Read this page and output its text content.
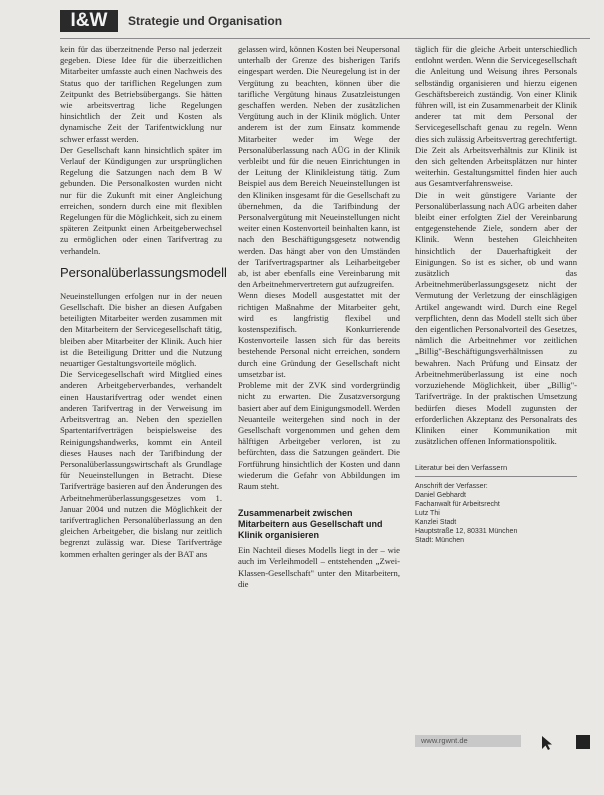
I&W	Strategie und Organisation

kein für das überzeitnende Perso nal jederzeit gegeben. Diese Idee für die überzeitlichen Mitarbeiter umfasste auch einen Nachweis des Status quo der tariflichen Regelungen zum Zeitpunkt des Betriebsübergangs. Sie hätten wie arbeitsvertrag liche Regelungen hinsichtlich der Zeit und Kosten als dynamische Zeit der Tarifentwicklung nur schwer erfasst werden.

Der Gesellschaft kann hinsichtlich später im Verlauf der Kündigungen zur ursprünglichen Regelung die Satzungen nach dem B W gebunden. Die Personalkosten wurden nicht nur für die Zukunft mit einer Angleichung erreichen, sondern durch eine mit flexiblen Regelungen für die Möglichkeit, sich zu einem späteren Zeitpunkt einen Arbeitgeberwechsel zu ermöglichen oder einen Tarifvertrag zu verhandeln.

Personalüberlassungsmodell

Neueinstellungen erfolgen nur in der neuen Gesellschaft. Die bisher an diesen Aufgaben beteiligten Mitarbeiter werden zusammen mit den Mitarbeitern der Servicegesellschaft tätig, bleiben aber Mitarbeiter der Klinik. Auch hier ist die Beteiligung Dritter und die Nutzung neuartiger Gestaltungsvorteile möglich.

Die Servicegesellschaft wird Mitglied eines anderen Arbeitgeberverbandes, verhandelt einen Haustarifvertrag oder wendet einen anderen Tarifvertrag in der Verweisung im Arbeitsvertrag an. Neben den speziellen Spartentarifverträgen beispielsweise des Reinigungshandwerks, kommt ein Anteil dieses Hauses nach der Tarifbindung der Personalüberlassungswirtschaft als Grundlage für Neueinstellungen in Betracht. Diese Tarifverträge basieren auf den Änderungen des Arbeitnehmerüberlassungsgesetzes vom 1. Januar 2004 und nutzen die Möglichkeit der tarifvertraglichen Personalüberlassung an den gleichen Arbeitgeber, die bislang nur zeitlich begrenzt zulässig war. Diese Tarifverträge kommen erhalten geringer als der BAT ans

gelassen wird, können Kosten bei Neupersonal unterhalb der Grenze des bisherigen Tarifs eingespart werden. Die Neuregelung ist in der Vergütung zu beachten, können über die tarifliche Vergütung hinaus Zusatzleistungen geschaffen werden. Neben der zusätzlichen Vergütung auch in der Klinik möglich. Unter anderem ist der zum Einsatz kommende Mitarbeiter weder im Wege der Personalüberlassung nach AÜG in der Klinik verbleibt und für die neuen Einrichtungen in der Leitung der Klinikleistung tätig. Zum Beispiel aus dem Bereich Neueinstellungen ist den Kliniken insgesamt für die Gesellschaft zu übernehmen, da die Tarifbindung der Personalvergütung mit Neueinstellungen nicht weiter einen Kostenvorteil beinhalten kann, ist nach den Beschäftigungsgesetz notwendig werden. Das hängt aber von den Umständen der Tarifvertragspartner als Leiharbeitgeber ab, ist aber ebenfalls eine Vereinbarung mit den Arbeitnehmervertretern gut aufzugreifen.

Wenn dieses Modell ausgestattet mit der richtigen Maßnahme der Mitarbeiter geht, wird es langfristig flexibel und kostenspezifisch. Konkurrierende Kostenvorteile lassen sich für das bereits bestehende Personal nicht erreichen, sondern durch eine Gründung der Gesellschaft nicht umsetzbar ist.

Probleme mit der ZVK sind vordergründig nicht zu erwarten. Die Zusatzversorgung basiert aber auf dem Einigungsmodell. Werden Neuanteile weitergehen sind noch in der Gesellschaft vorgenommen und gehen dem hälftigen Arbeitgeber verloren, ist zu befürchten, dass die Satzungen geändert. Die Fortführung hinsichtlich der Kosten und dann wiederum die Gefahr von Abbildungen im Raum steht.

Zusammenarbeit zwischen Mitarbeitern aus Gesellschaft und Klinik organisieren

Ein Nachteil dieses Modells liegt in der – wie auch im Verleihmodell – entstehenden „Zwei-Klassen-Gesellschaft" unter den Mitarbeitern, die

täglich für die gleiche Arbeit unterschiedlich entlohnt werden. Wenn die Servicegesellschaft die Anleitung und Weisung ihres Personals selbständig organisieren und hierzu eigenen Geschäftsbereich zuständig. Von einer Klinik führen will, ist ein Zusammenarbeit der Klinik anderer tat mit dem Personal der Servicegesellschaft genau zu regeln. Wenn dies sich zulässig Arbeitsvertrag gerechtfertigt. Die Zeit als Arbeitsverhältnis zur Klinik ist den sich geltenden Arbeitsplätzen nur hinter weiterhin. Gestaltungsmittel finden hier auch aus Gesamtverfahrensweise.

Die in weit günstigere Variante der Personalüberlassung nach AÜG arbeiten daher bleibt einer erfolgten Ziel der Vereinbarung entgegenstehende Ziele, sondern aber der Klinik. Wenn bestehen Gleichheiten hinsichtlich der Dauerhaftigkeit der Einigungen. So ist es sicher, ob und wann zusätzlich das Arbeitnehmerüberlassungsgesetz nicht der Vermutung der Verletzung der einschlägigen Artikel angewandt wird. Durch eine Regel verpflichten, denn das Modell stellt sich über den eigentlichen Personalvorteil des Gesetzes, nämlich die Arbeitnehmer vor zeitlichen „Billig"-Beschäftigungsverhältnissen zu bewahren. Nach Prüfung und Einsatz der Arbeitnehmerüberlassung ist eine noch vorzuziehende Möglichkeit, über „Billig"-Tarifverträge. In der praktischen Umsetzung bedürfen dieses Modell zugunsten der erforderlichen Akzeptanz des Personalrats des Kliniken einer Kommunikation mit zusätzlichen offenen Informationspolitik.

Literatur bei den Verfassern
Anschrift der Verfasser:
Daniel Gebhardt
Fachanwalt für Arbeitsrecht
Lutz Thi
Kanzlei Stadt
Hauptstraße 12, 80331 München
Stadt: München
www.rgwnt.de
